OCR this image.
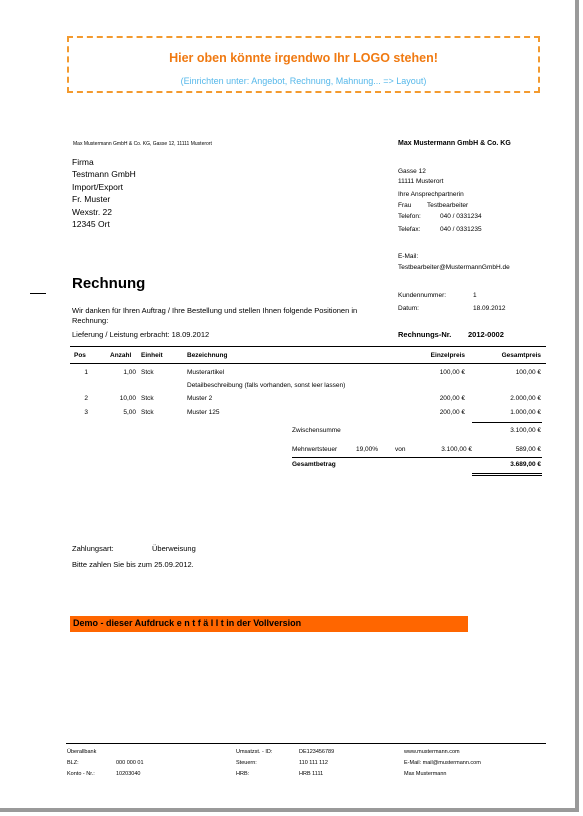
Hier oben könnte irgendwo Ihr LOGO stehen!
(Einrichten unter: Angebot, Rechnung, Mahnung... => Layout)
Max Mustermann GmbH & Co. KG, Gasse 12, 11111 Musterort
Firma
Testmann GmbH
Import/Export
Fr. Muster
Wexstr. 22
12345 Ort
Max Mustermann GmbH & Co. KG
Gasse 12
11111 Musterort
Ihre Ansprechpartnerin
Frau Testbearbeiter
Telefon:	040 / 0331234
Telefax:	040 / 0331235
E-Mail:
Testbearbeiter@MustermannGmbH.de
Kundennummer:	1
Datum:	18.09.2012
Rechnung
Wir danken für Ihren Auftrag / Ihre Bestellung und stellen Ihnen folgende Positionen in Rechnung:
Lieferung / Leistung erbracht: 18.09.2012	Rechnungs-Nr. 2012-0002
Pos	Anzahl Einheit	Bezeichnung	Einzelpreis	Gesamtpreis
1	1,00 Stck	Musterartikel	100,00 €	100,00 €
Detailbeschreibung (falls vorhanden, sonst leer lassen)
2	10,00 Stck	Muster 2	200,00 €	2.000,00 €
3	5,00 Stck	Muster 125	200,00 €	1.000,00 €
Zwischensumme	3.100,00 €
Mehrwertsteuer	19,00%	von	3.100,00 €	589,00 €
Gesamtbetrag	3.689,00 €
Zahlungsart:	Überweisung
Bitte zahlen Sie bis zum 25.09.2012.
Demo - dieser Aufdruck e n t f ä l l t in der Vollversion
Überallbank
BLZ:	000 000 01
Konto - Nr.:	10203040
Umsatzst. - ID:	DE123456789
Steuern:	110 111 112
HRB:	HRB 1111
www.mustermann.com
E-Mail: mail@mustermann.com
Max Mustermann
